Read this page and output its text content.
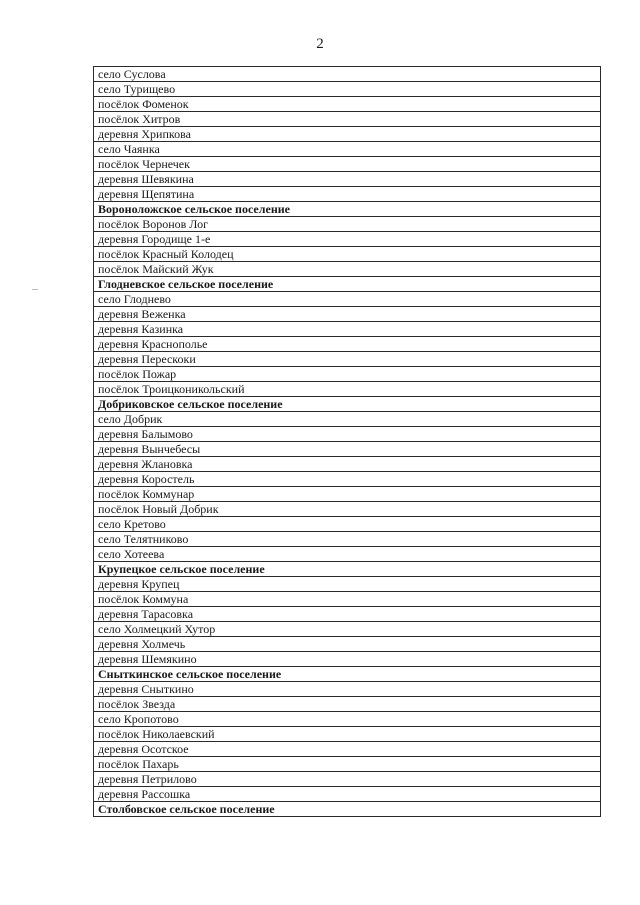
2
село Суслова
село Турищево
посёлок Фоменок
посёлок Хитров
деревня Хрипкова
село Чаянка
посёлок Чернечек
деревня Шевякина
деревня Щепятина
Вороноложское сельское поселение
посёлок Воронов Лог
деревня Городище 1-е
посёлок Красный Колодец
посёлок Майский Жук
Глодневское сельское поселение
село Глоднево
деревня Веженка
деревня Казинка
деревня Краснополье
деревня Перескоки
посёлок Пожар
посёлок Троицконикольский
Добриковское сельское поселение
село Добрик
деревня Балымово
деревня Вынчебесы
деревня Жлановка
деревня Коростель
посёлок Коммунар
посёлок Новый Добрик
село Кретово
село Телятниково
село Хотеева
Крупецкое сельское поселение
деревня Крупец
посёлок Коммуна
деревня Тарасовка
село Холмецкий Хутор
деревня Холмечь
деревня Шемякино
Сныткинское сельское поселение
деревня Сныткино
посёлок Звезда
село Кропотово
посёлок Николаевский
деревня Осотское
посёлок Пахарь
деревня Петрилово
деревня Рассошка
Столбовское сельское поселение
